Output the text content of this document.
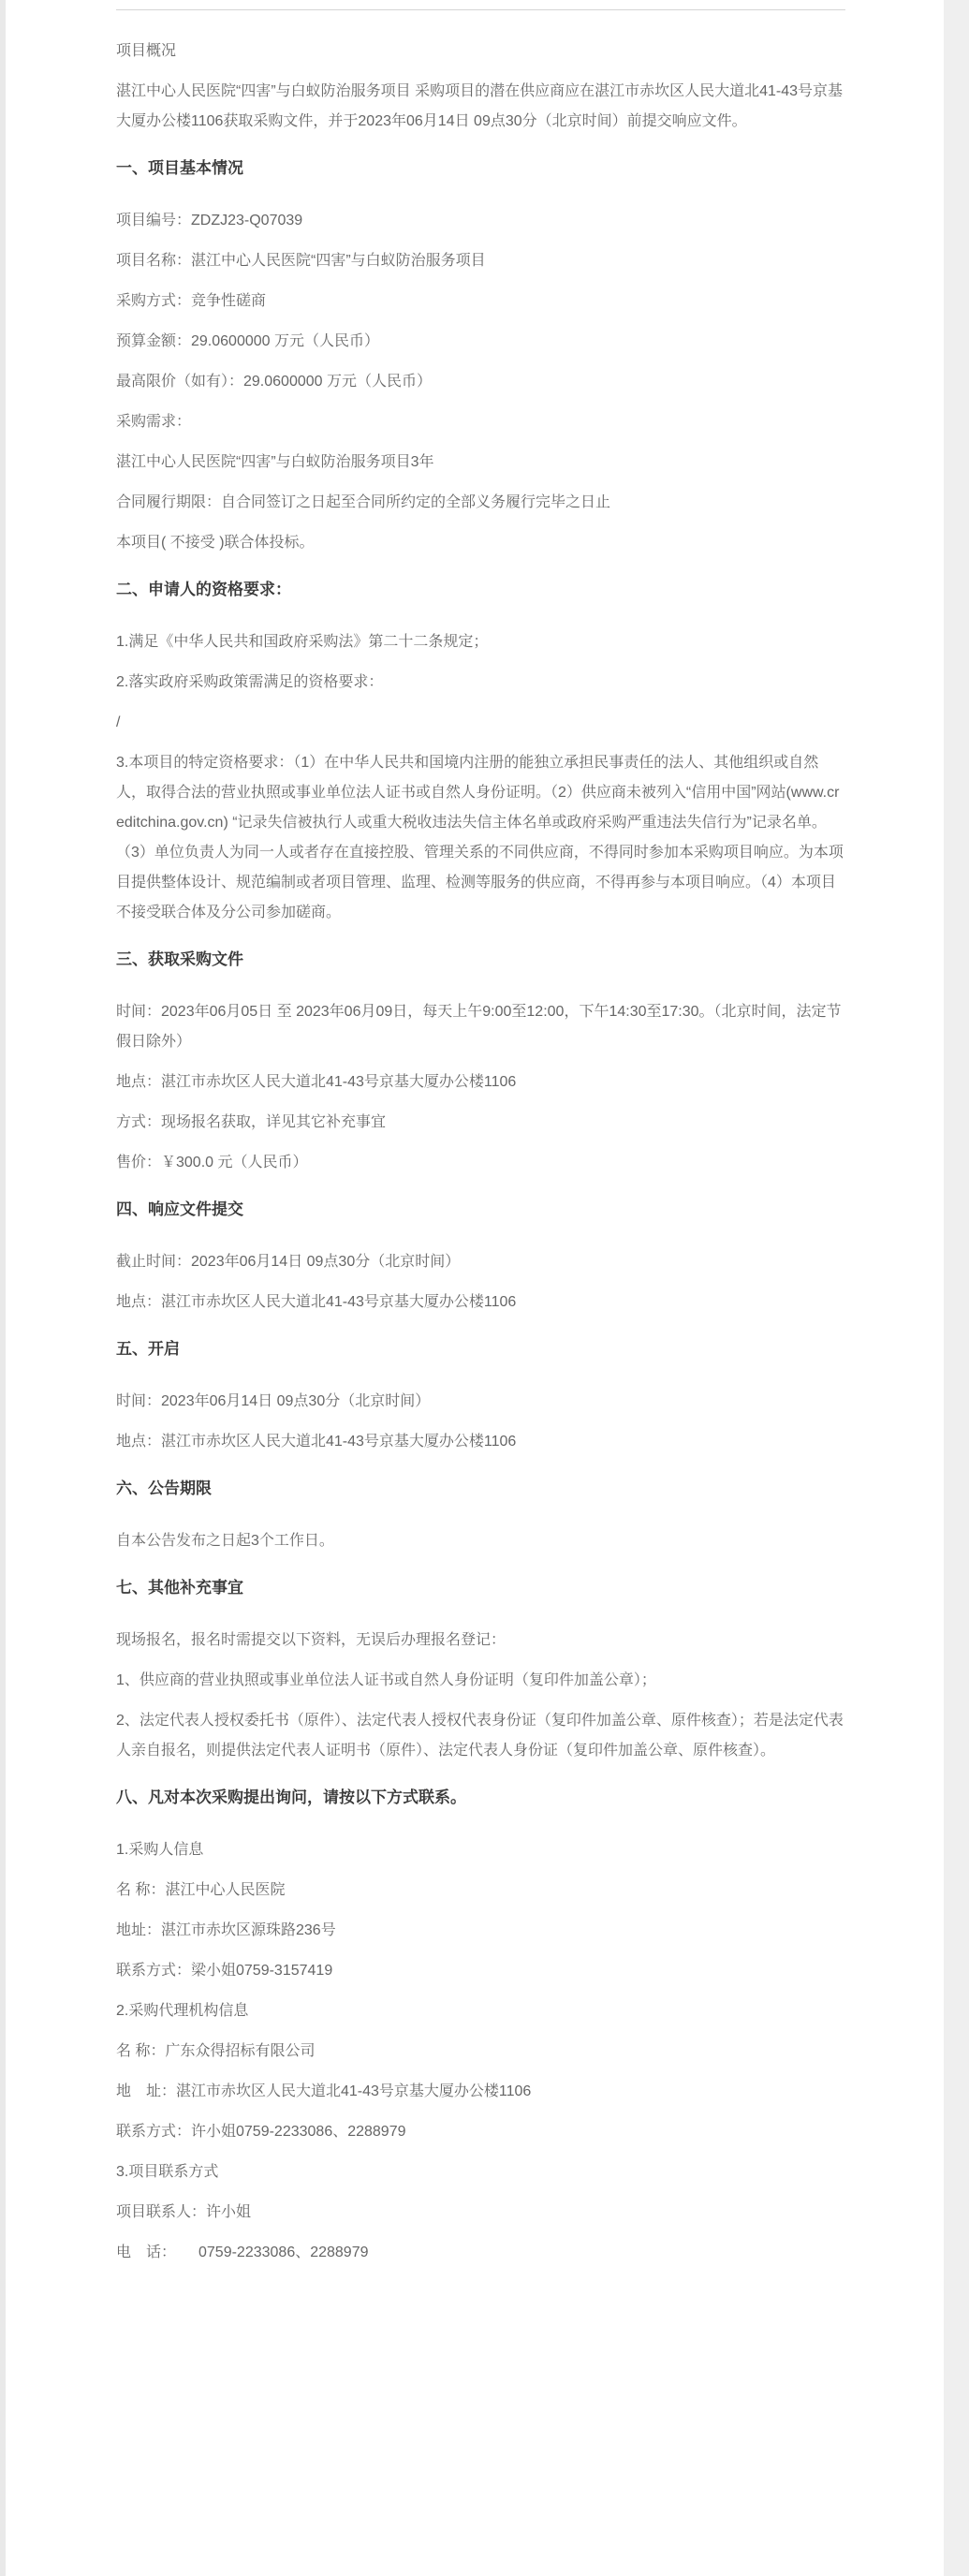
项目概况

湛江中心人民医院“四害”与白蚁防治服务项目 采购项目的潜在供应商应在湛江市赤坎区人民大道北41-43号京基大厦办公楼1106获取采购文件，并于2023年06月14日 09点30分（北京时间）前提交响应文件。

一、项目基本情况

项目编号：ZDZJ23-Q07039

项目名称：湛江中心人民医院“四害”与白蚁防治服务项目

采购方式：竞争性磋商

预算金额：29.0600000 万元（人民币）

最高限价（如有）：29.0600000 万元（人民币）

采购需求：

湛江中心人民医院“四害”与白蚁防治服务项目3年

合同履行期限：自合同签订之日起至合同所约定的全部义务履行完毕之日止

本项目( 不接受 )联合体投标。

二、申请人的资格要求：

1.满足《中华人民共和国政府采购法》第二十二条规定；

2.落实政府采购政策需满足的资格要求：

/

3.本项目的特定资格要求：（1）在中华人民共和国境内注册的能独立承担民事责任的法人、其他组织或自然人，取得合法的营业执照或事业单位法人证书或自然人身份证明。（2）供应商未被列入“信用中国”网站(www.creditchina.gov.cn) “记录失信被执行人或重大税收违法失信主体名单或政府采购严重违法失信行为”记录名单。（3）单位负责人为同一人或者存在直接控股、管理关系的不同供应商，不得同时参加本采购项目响应。为本项目提供整体设计、规范编制或者项目管理、监理、检测等服务的供应商，不得再参与本项目响应。（4）本项目不接受联合体及分公司参加磋商。

三、获取采购文件

时间：2023年06月05日 至 2023年06月09日，每天上午9:00至12:00，下午14:30至17:30。（北京时间，法定节假日除外）

地点：湛江市赤坎区人民大道北41-43号京基大厦办公楼1106

方式：现场报名获取，详见其它补充事宜

售价：￥300.0 元（人民币）

四、响应文件提交

截止时间：2023年06月14日 09点30分（北京时间）

地点：湛江市赤坎区人民大道北41-43号京基大厦办公楼1106

五、开启

时间：2023年06月14日 09点30分（北京时间）

地点：湛江市赤坎区人民大道北41-43号京基大厦办公楼1106

六、公告期限

自本公告发布之日起3个工作日。

七、其他补充事宜

现场报名，报名时需提交以下资料，无误后办理报名登记：

1、供应商的营业执照或事业单位法人证书或自然人身份证明（复印件加盖公章）；

2、法定代表人授权委托书（原件）、法定代表人授权代表身份证（复印件加盖公章、原件核查）；若是法定代表人亲自报名，则提供法定代表人证明书（原件）、法定代表人身份证（复印件加盖公章、原件核查）。

八、凡对本次采购提出询问，请按以下方式联系。

1.采购人信息

名 称：湛江中心人民医院

地址：湛江市赤坎区源珠路236号

联系方式：梁小姐0759-3157419

2.采购代理机构信息

名 称：广东众得招标有限公司

地　址：湛江市赤坎区人民大道北41-43号京基大厦办公楼1106

联系方式：许小姐0759-2233086、2288979

3.项目联系方式

项目联系人：许小姐

电　话：　　0759-2233086、2288979
